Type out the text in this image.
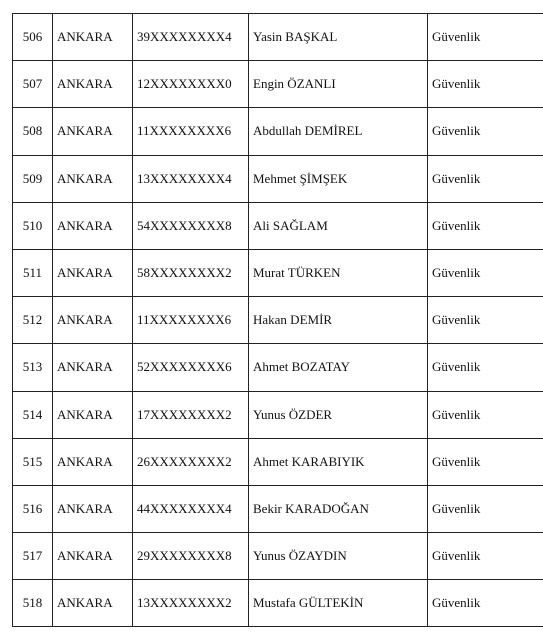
506	ANKARA	39XXXXXXXX4	Yasin BAŞKAL	Güvenlik
507	ANKARA	12XXXXXXXX0	Engin ÖZANLI	Güvenlik
508	ANKARA	11XXXXXXXX6	Abdullah DEMİREL	Güvenlik
509	ANKARA	13XXXXXXXX4	Mehmet ŞİMŞEK	Güvenlik
510	ANKARA	54XXXXXXXX8	Ali SAĞLAM	Güvenlik
511	ANKARA	58XXXXXXXX2	Murat TÜRKEN	Güvenlik
512	ANKARA	11XXXXXXXX6	Hakan DEMİR	Güvenlik
513	ANKARA	52XXXXXXXX6	Ahmet BOZATAY	Güvenlik
514	ANKARA	17XXXXXXXX2	Yunus ÖZDER	Güvenlik
515	ANKARA	26XXXXXXXX2	Ahmet KARABIYIK	Güvenlik
516	ANKARA	44XXXXXXXX4	Bekir KARADOĞAN	Güvenlik
517	ANKARA	29XXXXXXXX8	Yunus ÖZAYDIN	Güvenlik
518	ANKARA	13XXXXXXXX2	Mustafa GÜLTEKİN	Güvenlik
